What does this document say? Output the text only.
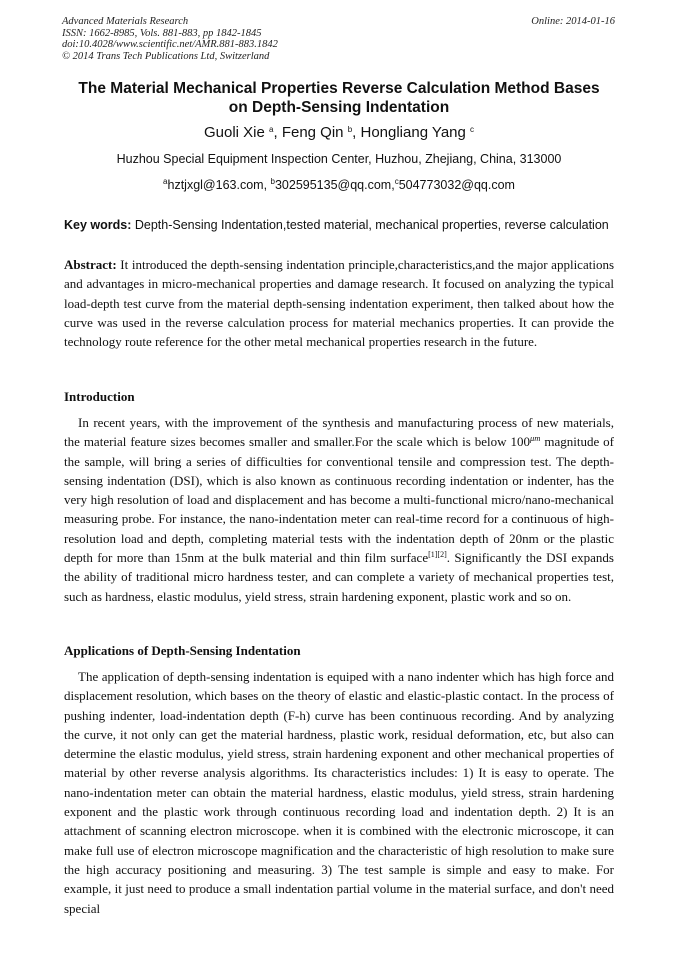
Advanced Materials Research
ISSN: 1662-8985, Vols. 881-883, pp 1842-1845
doi:10.4028/www.scientific.net/AMR.881-883.1842
© 2014 Trans Tech Publications Ltd, Switzerland
Online: 2014-01-16
The Material Mechanical Properties Reverse Calculation Method Bases
on Depth-Sensing Indentation
Guoli Xie $^a$, Feng Qin $^b$, Hongliang Yang $^c$
Huzhou Special Equipment Inspection Center, Huzhou, Zhejiang, China, 313000
$^a$hztjxgl@163.com, $^b$302595135@qq.com,$^c$504773032@qq.com
Key words: Depth-Sensing Indentation,tested material, mechanical properties, reverse calculation
Abstract: It introduced the depth-sensing indentation principle,characteristics,and the major applications and advantages in micro-mechanical properties and damage research. It focused on analyzing the typical load-depth test curve from the material depth-sensing indentation experiment, then talked about how the curve was used in the reverse calculation process for material mechanics properties. It can provide the technology route reference for the other metal mechanical properties research in the future.
Introduction
In recent years, with the improvement of the synthesis and manufacturing process of new materials, the material feature sizes becomes smaller and smaller.For the scale which is below $100^{\mu m}$ magnitude of the sample, will bring a series of difficulties for conventional tensile and compression test. The depth-sensing indentation (DSI), which is also known as continuous recording indentation or indenter, has the very high resolution of load and displacement and has become a multi-functional micro/nano-mechanical measuring probe. For instance, the nano-indentation meter can real-time record for a continuous of high-resolution load and depth, completing material tests with the indentation depth of 20nm or the plastic depth for more than 15nm at the bulk material and thin film surface[1][2]. Significantly the DSI expands the ability of traditional micro hardness tester, and can complete a variety of mechanical properties test, such as hardness, elastic modulus, yield stress, strain hardening exponent, plastic work and so on.
Applications of Depth-Sensing Indentation
The application of depth-sensing indentation is equiped with a nano indenter which has high force and displacement resolution, which bases on the theory of elastic and elastic-plastic contact. In the process of pushing indenter, load-indentation depth (F-h) curve has been continuous recording. And by analyzing the curve, it not only can get the material hardness, plastic work, residual deformation, etc, but also can determine the elastic modulus, yield stress, strain hardening exponent and other mechanical properties of material by other reverse analysis algorithms. Its characteristics includes: 1) It is easy to operate. The nano-indentation meter can obtain the material hardness, elastic modulus, yield stress, strain hardening exponent and the plastic work through continuous recording load and indentation depth. 2) It is an attachment of scanning electron microscope. when it is combined with the electronic microscope, it can make full use of electron microscope magnification and the characteristic of high resolution to make sure the high accuracy positioning and measuring. 3) The test sample is simple and easy to make. For example, it just need to produce a small indentation partial volume in the material surface, and don't need special
